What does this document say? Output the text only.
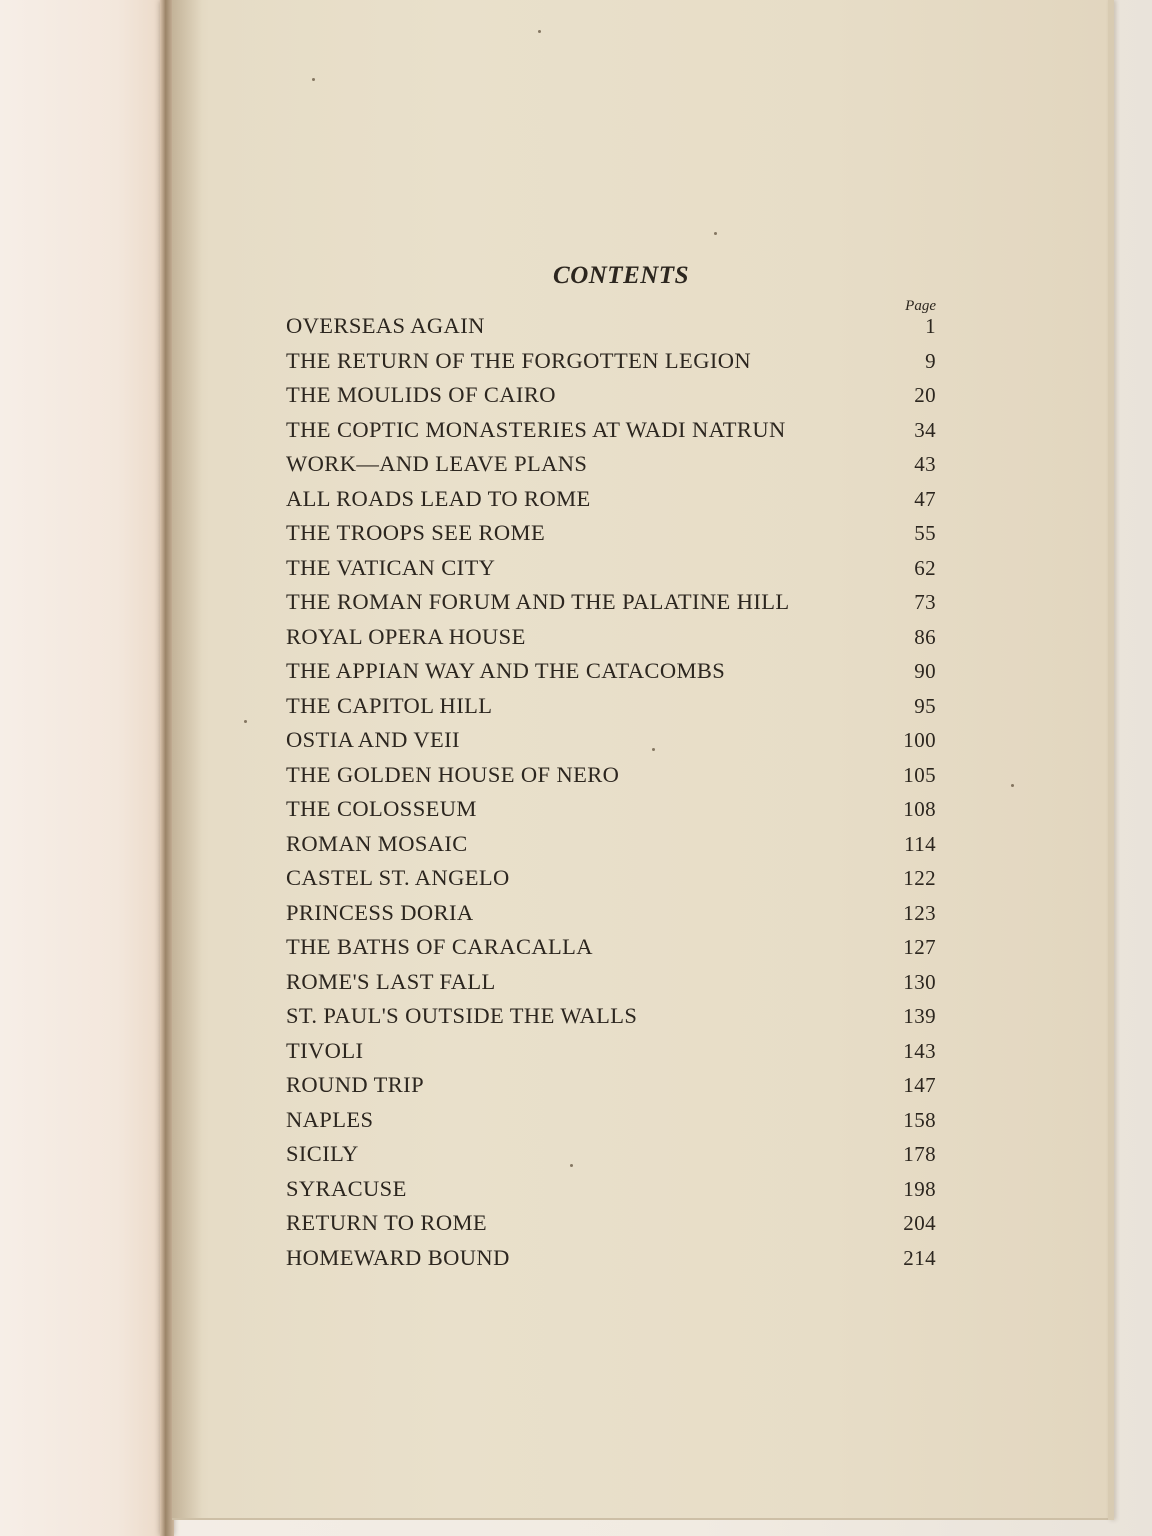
CONTENTS
Page
OVERSEAS AGAIN	1
THE RETURN OF THE FORGOTTEN LEGION	9
THE MOULIDS OF CAIRO	20
THE COPTIC MONASTERIES AT WADI NATRUN	34
WORK—AND LEAVE PLANS	43
ALL ROADS LEAD TO ROME	47
THE TROOPS SEE ROME	55
THE VATICAN CITY	62
THE ROMAN FORUM AND THE PALATINE HILL	73
ROYAL OPERA HOUSE	86
THE APPIAN WAY AND THE CATACOMBS	90
THE CAPITOL HILL	95
OSTIA AND VEII	100
THE GOLDEN HOUSE OF NERO	105
THE COLOSSEUM	108
ROMAN MOSAIC	114
CASTEL ST. ANGELO	122
PRINCESS DORIA	123
THE BATHS OF CARACALLA	127
ROME'S LAST FALL	130
ST. PAUL'S OUTSIDE THE WALLS	139
TIVOLI	143
ROUND TRIP	147
NAPLES	158
SICILY	178
SYRACUSE	198
RETURN TO ROME	204
HOMEWARD BOUND	214
